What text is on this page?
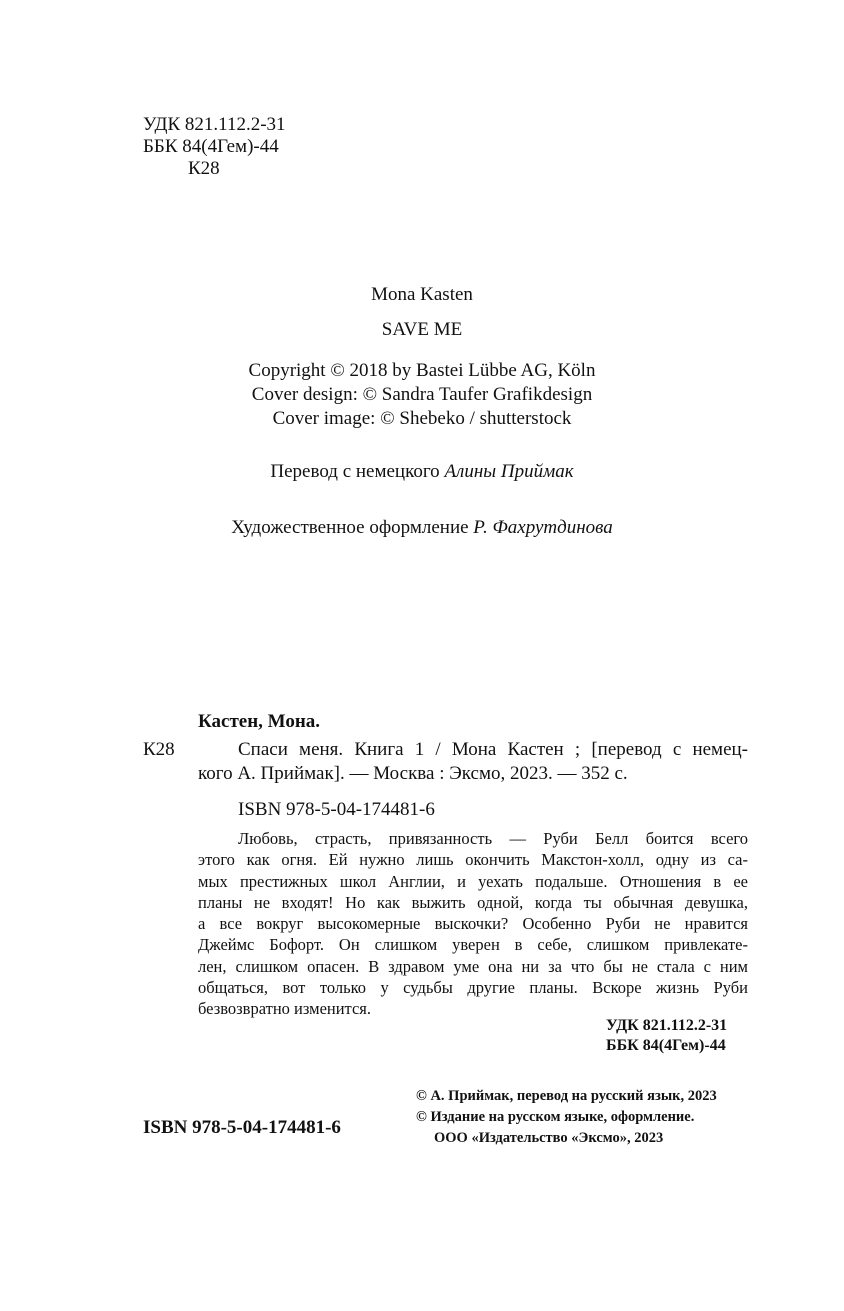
УДК 821.112.2-31
ББК 84(4Гем)-44
К28
Mona Kasten
SAVE ME
Copyright © 2018 by Bastei Lübbe AG, Köln
Cover design: © Sandra Taufer Grafikdesign
Cover image: © Shebeko / shutterstock
Перевод с немецкого Алины Приймак
Художественное оформление Р. Фахрутдинова
Кастен, Мона.
К28	Спаси меня. Книга 1 / Мона Кастен ; [перевод с немец-
кого А. Приймак]. — Москва : Эксмо, 2023. — 352 с.
ISBN 978-5-04-174481-6
Любовь, страсть, привязанность — Руби Белл боится всего
этого как огня. Ей нужно лишь окончить Макстон-холл, одну из са-
мых престижных школ Англии, и уехать подальше. Отношения в ее
планы не входят! Но как выжить одной, когда ты обычная девушка,
а все вокруг высокомерные выскочки? Особенно Руби не нравится
Джеймс Бофорт. Он слишком уверен в себе, слишком привлекате-
лен, слишком опасен. В здравом уме она ни за что бы не стала с ним
общаться, вот только у судьбы другие планы. Вскоре жизнь Руби
безвозвратно изменится.
УДК 821.112.2-31
ББК 84(4Гем)-44
ISBN 978-5-04-174481-6
© А. Приймак, перевод на русский язык, 2023
© Издание на русском языке, оформление.
ООО «Издательство «Эксмо», 2023
